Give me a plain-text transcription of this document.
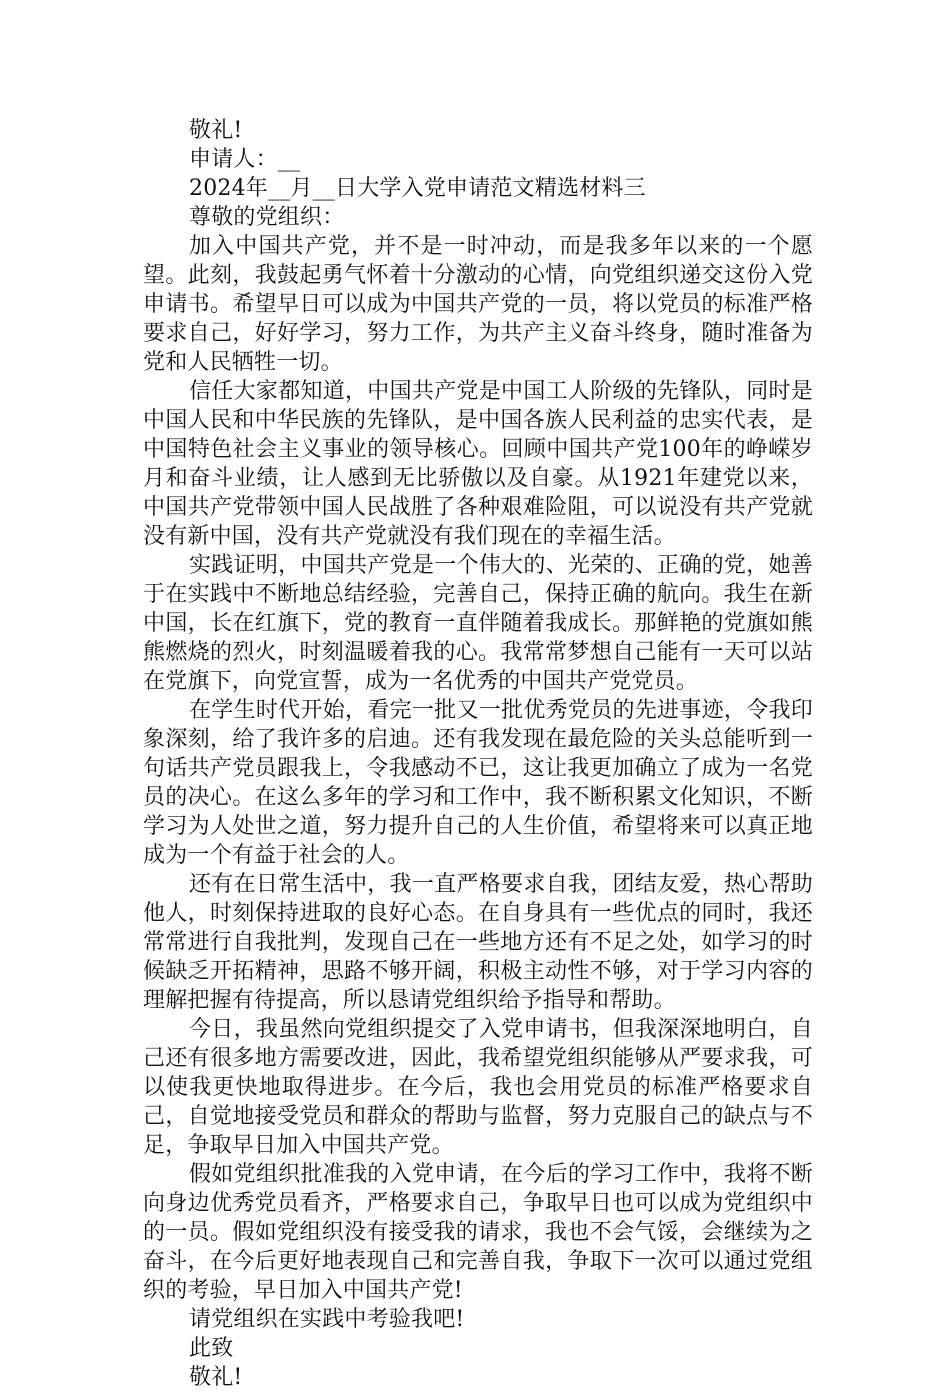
敬礼!

申请人：__

2024年__月__日大学入党申请范文精选材料三

尊敬的党组织：

加入中国共产党，并不是一时冲动，而是我多年以来的一个愿望。此刻，我鼓起勇气怀着十分激动的心情，向党组织递交这份入党申请书。希望早日可以成为中国共产党的一员，将以党员的标准严格要求自己，好好学习，努力工作，为共产主义奋斗终身，随时准备为党和人民牺牲一切。

信任大家都知道，中国共产党是中国工人阶级的先锋队，同时是中国人民和中华民族的先锋队，是中国各族人民利益的忠实代表，是中国特色社会主义事业的领导核心。回顾中国共产党100年的峥嵘岁月和奋斗业绩，让人感到无比骄傲以及自豪。从1921年建党以来，中国共产党带领中国人民战胜了各种艰难险阻，可以说没有共产党就没有新中国，没有共产党就没有我们现在的幸福生活。

实践证明，中国共产党是一个伟大的、光荣的、正确的党，她善于在实践中不断地总结经验，完善自己，保持正确的航向。我生在新中国，长在红旗下，党的教育一直伴随着我成长。那鲜艳的党旗如熊熊燃烧的烈火，时刻温暖着我的心。我常常梦想自己能有一天可以站在党旗下，向党宣誓，成为一名优秀的中国共产党党员。

在学生时代开始，看完一批又一批优秀党员的先进事迹，令我印象深刻，给了我许多的启迪。还有我发现在最危险的关头总能听到一句话共产党员跟我上，令我感动不已，这让我更加确立了成为一名党员的决心。在这么多年的学习和工作中，我不断积累文化知识，不断学习为人处世之道，努力提升自己的人生价值，希望将来可以真正地成为一个有益于社会的人。

还有在日常生活中，我一直严格要求自我，团结友爱，热心帮助他人，时刻保持进取的良好心态。在自身具有一些优点的同时，我还常常进行自我批判，发现自己在一些地方还有不足之处，如学习的时候缺乏开拓精神，思路不够开阔，积极主动性不够，对于学习内容的理解把握有待提高，所以恳请党组织给予指导和帮助。

今日，我虽然向党组织提交了入党申请书，但我深深地明白，自己还有很多地方需要改进，因此，我希望党组织能够从严要求我，可以使我更快地取得进步。在今后，我也会用党员的标准严格要求自己，自觉地接受党员和群众的帮助与监督，努力克服自己的缺点与不足，争取早日加入中国共产党。

假如党组织批准我的入党申请，在今后的学习工作中，我将不断向身边优秀党员看齐，严格要求自己，争取早日也可以成为党组织中的一员。假如党组织没有接受我的请求，我也不会气馁，会继续为之奋斗，在今后更好地表现自己和完善自我，争取下一次可以通过党组织的考验，早日加入中国共产党!

请党组织在实践中考验我吧!

此致

敬礼!
